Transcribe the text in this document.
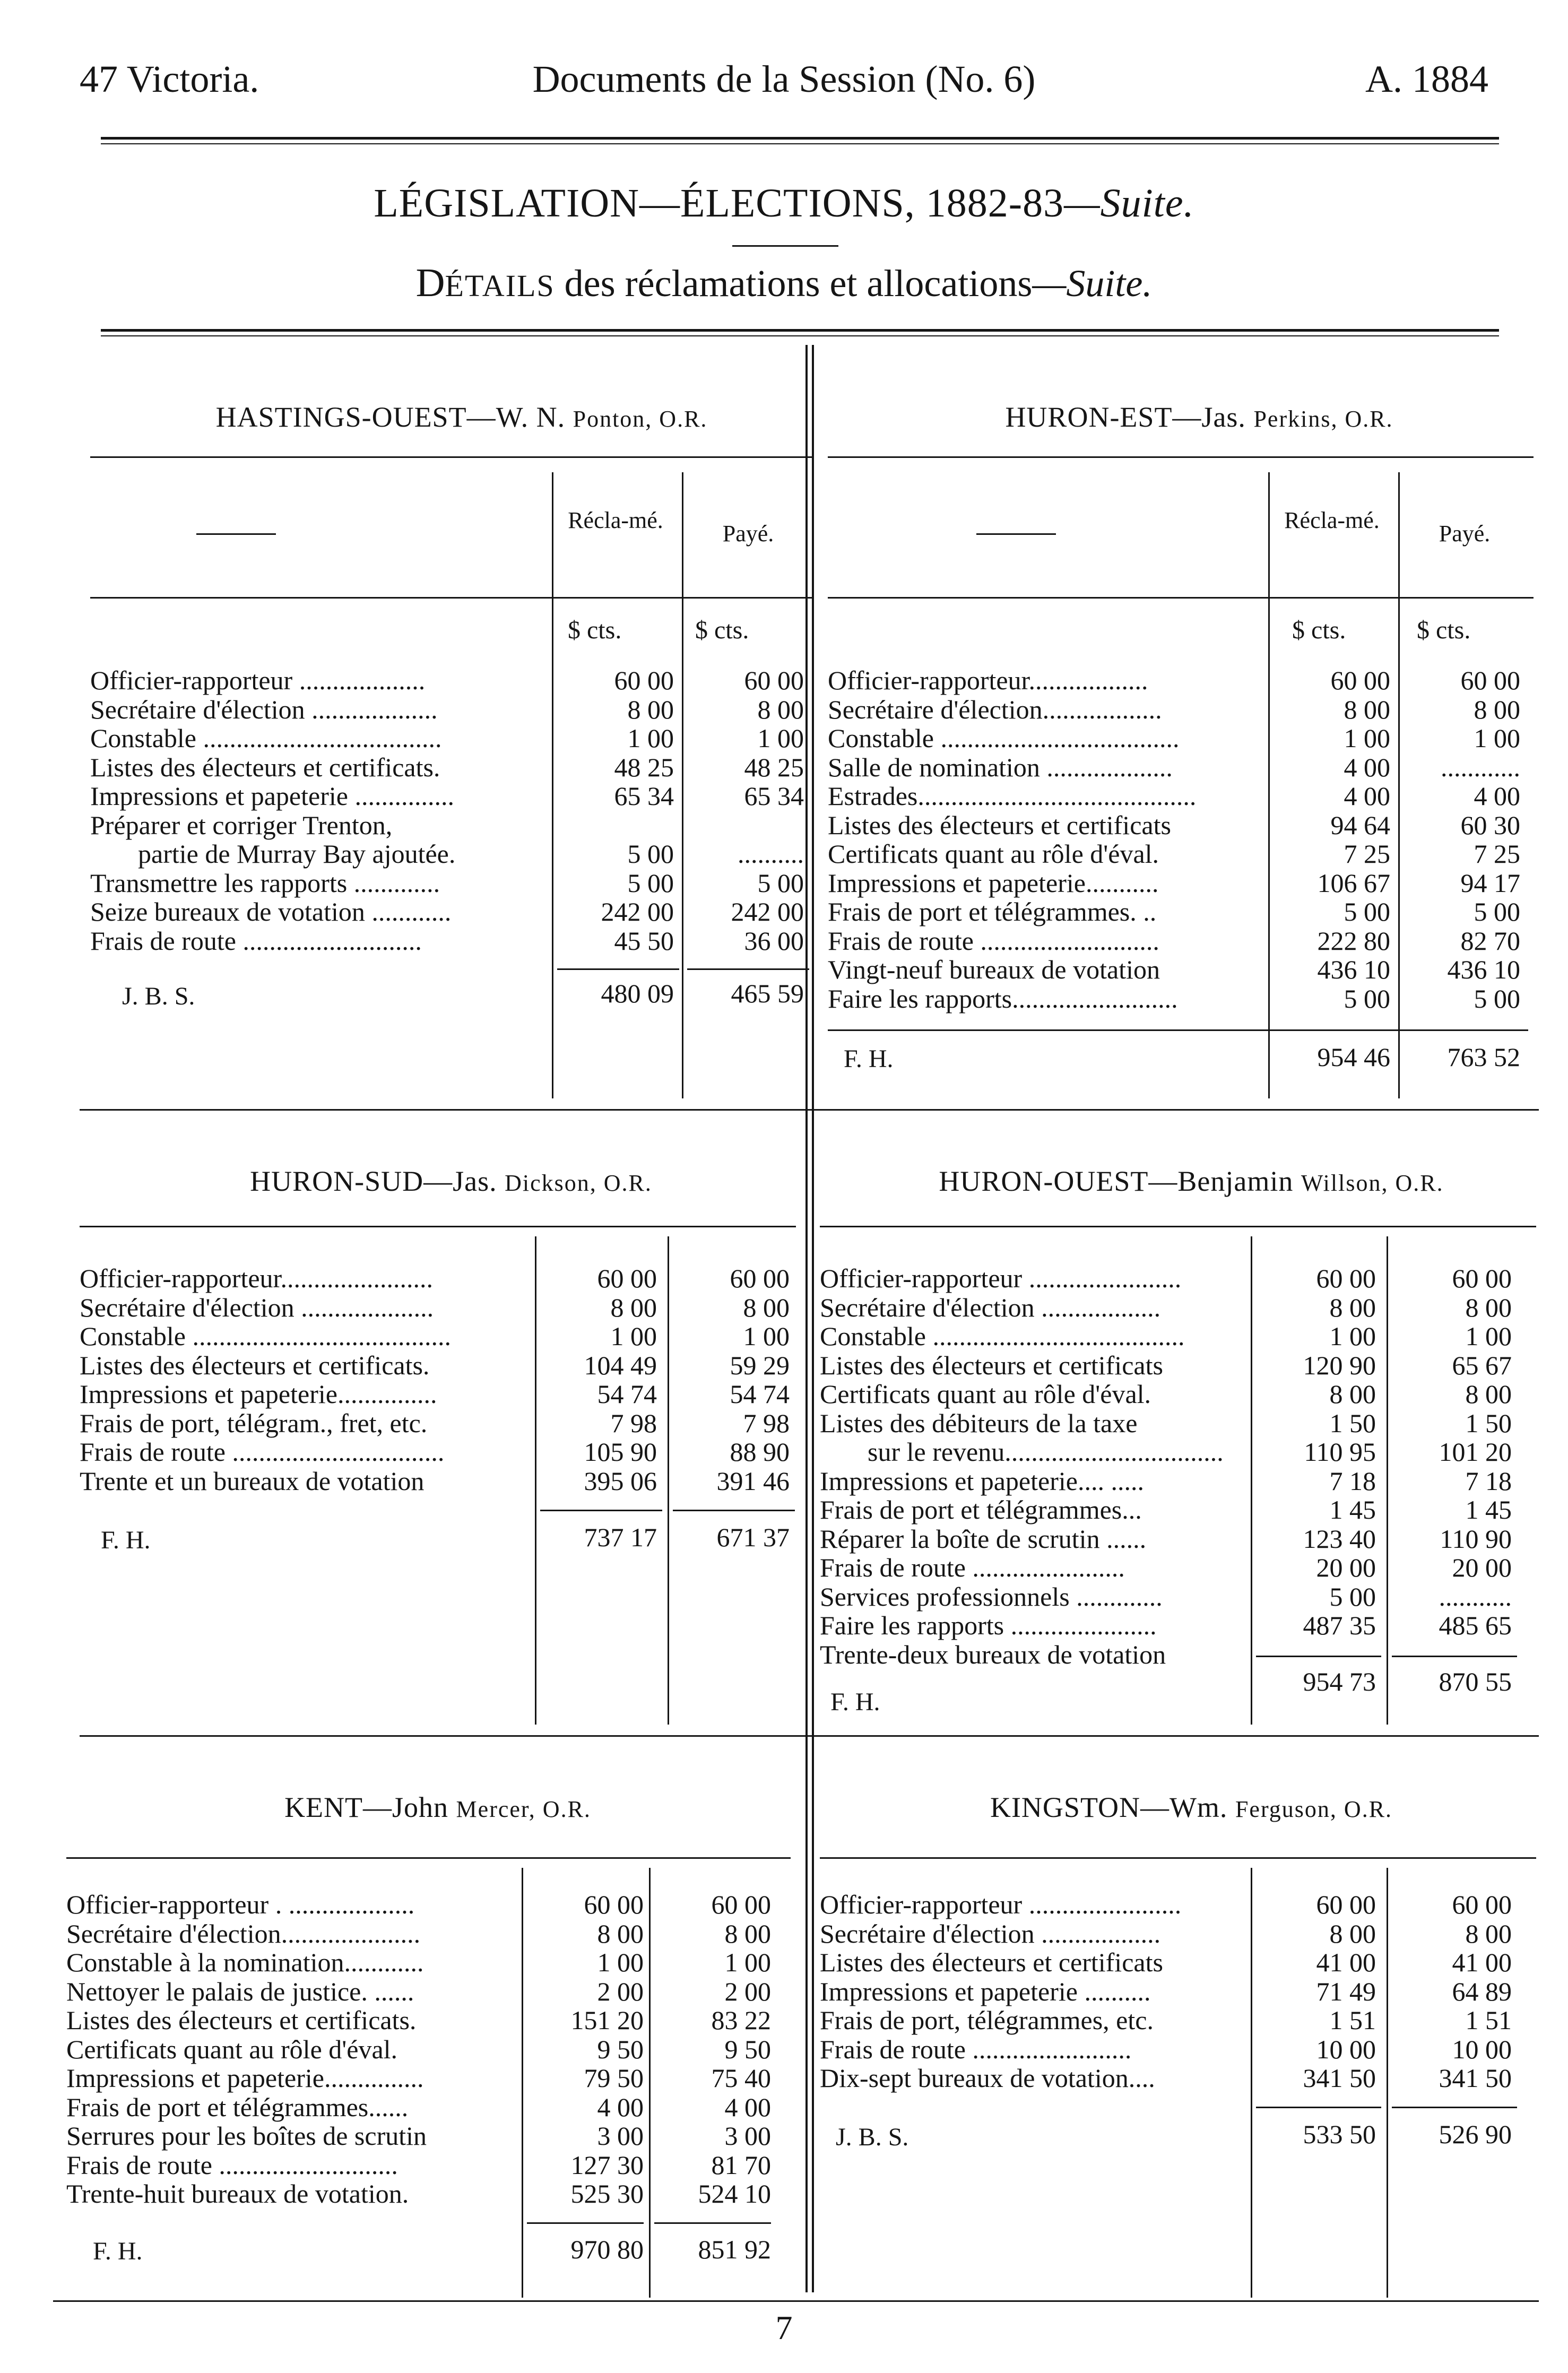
47 Victoria.	Documents de la Session (No. 6)	A. 1884
LÉGISLATION—ÉLECTIONS, 1882-83—Suite.
DÉTAILS des réclamations et allocations—Suite.
HASTINGS-OUEST—W. N. Ponton, O.R.
Récla-mé.
Payé.
$ cts.	$ cts.
Officier-rapporteur ...................	60 00	60 00
Secrétaire d'élection ...................	8 00	8 00
Constable ....................................	1 00	1 00
Listes des électeurs et certificats.	48 25	48 25
Impressions et papeterie ...............	65 34	65 34
Préparer et corriger Trenton,
partie de Murray Bay ajoutée.	5 00	..........
Transmettre les rapports .............	5 00	5 00
Seize bureaux de votation ............	242 00	242 00
Frais de route ...........................	45 50	36 00
480 09	465 59
J. B. S.
HURON-EST—Jas. Perkins, O.R.
Récla-mé.
Payé.
$ cts.	$ cts.
Officier-rapporteur..................	60 00	60 00
Secrétaire d'élection..................	8 00	8 00
Constable ....................................	1 00	1 00
Salle de nomination ...................	4 00	............
Estrades..........................................	4 00	4 00
Listes des électeurs et certificats	94 64	60 30
Certificats quant au rôle d'éval.	7 25	7 25
Impressions et papeterie...........	106 67	94 17
Frais de port et télégrammes. ..	5 00	5 00
Frais de route ...........................	222 80	82 70
Vingt-neuf bureaux de votation	436 10	436 10
Faire les rapports.........................	5 00	5 00
954 46	763 52
F. H.
HURON-SUD—Jas. Dickson, O.R.
Officier-rapporteur.......................	60 00	60 00
Secrétaire d'élection ....................	8 00	8 00
Constable .......................................	1 00	1 00
Listes des électeurs et certificats.	104 49	59 29
Impressions et papeterie...............	54 74	54 74
Frais de port, télégram., fret, etc.	7 98	7 98
Frais de route ................................	105 90	88 90
Trente et un bureaux de votation	395 06	391 46
737 17	671 37
F. H.
HURON-OUEST—Benjamin Willson, O.R.
Officier-rapporteur .......................	60 00	60 00
Secrétaire d'élection ..................	8 00	8 00
Constable ......................................	1 00	1 00
Listes des électeurs et certificats	120 90	65 67
Certificats quant au rôle d'éval.	8 00	8 00
Listes des débiteurs de la taxe	1 50	1 50
sur le revenu.................................	110 95	101 20
Impressions et papeterie.... .....	7 18	7 18
Frais de port et télégrammes...	1 45	1 45
Réparer la boîte de scrutin ......	123 40	110 90
Frais de route .......................	20 00	20 00
Services professionnels .............	5 00	...........
Faire les rapports ......................	487 35	485 65
Trente-deux bureaux de votation
954 73	870 55
F. H.
KENT—John Mercer, O.R.
Officier-rapporteur . ...................	60 00	60 00
Secrétaire d'élection.....................	8 00	8 00
Constable à la nomination............	1 00	1 00
Nettoyer le palais de justice. ......	2 00	2 00
Listes des électeurs et certificats.	151 20	83 22
Certificats quant au rôle d'éval.	9 50	9 50
Impressions et papeterie...............	79 50	75 40
Frais de port et télégrammes......	4 00	4 00
Serrures pour les boîtes de scrutin	3 00	3 00
Frais de route ...........................	127 30	81 70
Trente-huit bureaux de votation.	525 30	524 10
970 80	851 92
F. H.
KINGSTON—Wm. Ferguson, O.R.
Officier-rapporteur .......................	60 00	60 00
Secrétaire d'élection ..................	8 00	8 00
Listes des électeurs et certificats	41 00	41 00
Impressions et papeterie ..........	71 49	64 89
Frais de port, télégrammes, etc.	1 51	1 51
Frais de route ........................	10 00	10 00
Dix-sept bureaux de votation....	341 50	341 50
533 50	526 90
J. B. S.
7
